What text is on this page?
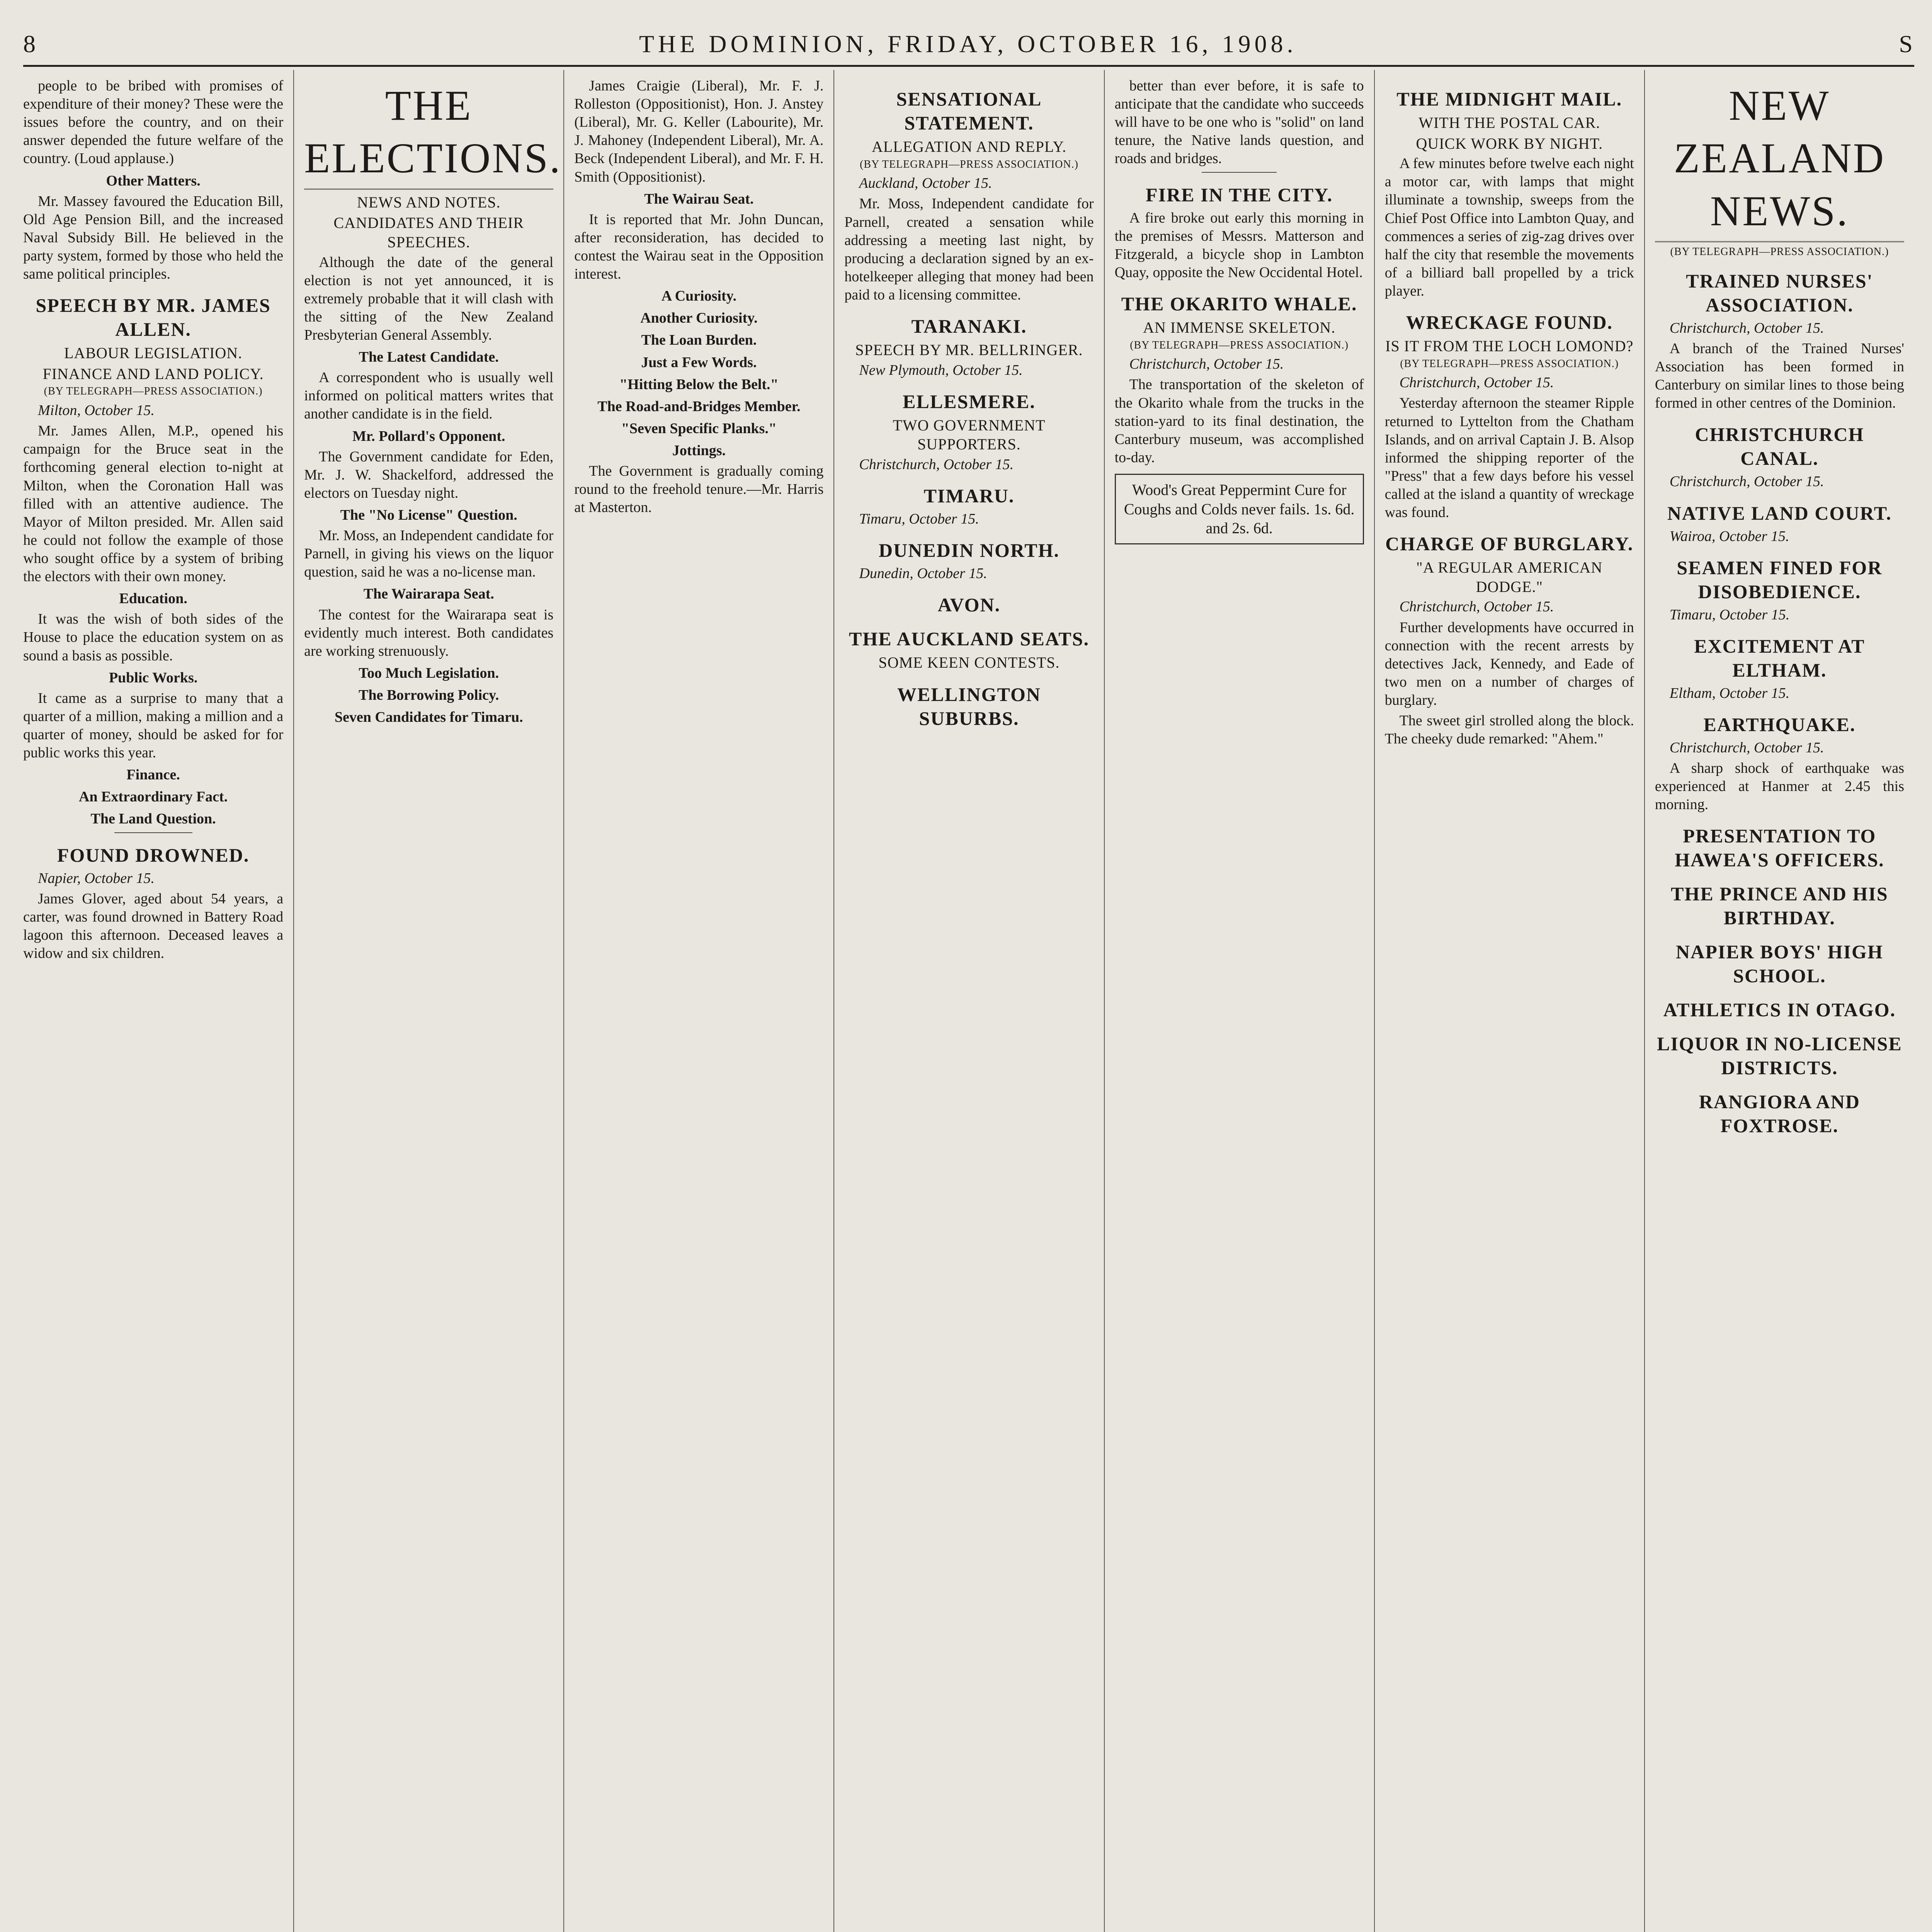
8	THE DOMINION, FRIDAY, OCTOBER 16, 1908.	S

people to be bribed with promises of expenditure of their money? These were the issues before the country, and on their answer depended the future welfare of the country. (Loud applause.)

Other Matters.

Mr. Massey favoured the Education Bill, Old Age Pension Bill, and the increased Naval Subsidy Bill. He believed in the party system, formed by those who held the same political principles.

SPEECH BY MR. JAMES ALLEN.
LABOUR LEGISLATION.
FINANCE AND LAND POLICY.
(BY TELEGRAPH—PRESS ASSOCIATION.)

Milton, October 15.

Mr. James Allen, M.P., opened his campaign for the Bruce seat in the forthcoming general election to-night at Milton, when the Coronation Hall was filled with an attentive audience. The Mayor of Milton presided. Mr. Allen said he could not follow the example of those who sought office by a system of bribing the electors with their own money.

Education.

It was the wish of both sides of the House to place the education system on as sound a basis as possible.

Public Works.

It came as a surprise to many that a quarter of a million, making a million and a quarter of money, should be asked for for public works this year.

Finance.

An Extraordinary Fact.

The Land Question.

FOUND DROWNED.

Napier, October 15.

James Glover, aged about 54 years, a carter, was found drowned in Battery Road lagoon this afternoon. Deceased leaves a widow and six children.

THE ELECTIONS.
NEWS AND NOTES.
CANDIDATES AND THEIR SPEECHES.

Although the date of the general election is not yet announced, it is extremely probable that it will clash with the sitting of the New Zealand Presbyterian General Assembly.

The Latest Candidate.

A correspondent who is usually well informed on political matters writes that another candidate is in the field.

Mr. Pollard's Opponent.

The Government candidate for Eden, Mr. J. W. Shackelford, addressed the electors on Tuesday night.

The "No License" Question.

Mr. Moss, an Independent candidate for Parnell, in giving his views on the liquor question, said he was a no-license man.

The Wairarapa Seat.

The contest for the Wairarapa seat is evidently much interest. Both candidates are working strenuously.

Too Much Legislation.

The Borrowing Policy.

Seven Candidates for Timaru.

James Craigie (Liberal), Mr. F. J. Rolleston (Oppositionist), Hon. J. Anstey (Liberal), Mr. G. Keller (Labourite), Mr. J. Mahoney (Independent Liberal), Mr. A. Beck (Independent Liberal), and Mr. F. H. Smith (Oppositionist).

The Wairau Seat.

It is reported that Mr. John Duncan, after reconsideration, has decided to contest the Wairau seat in the Opposition interest.

A Curiosity.

Another Curiosity.

The Loan Burden.

Just a Few Words.

"Hitting Below the Belt."

The Road-and-Bridges Member.

"Seven Specific Planks."

Jottings.

The Government is gradually coming round to the freehold tenure.—Mr. Harris at Masterton.

SENSATIONAL STATEMENT.
ALLEGATION AND REPLY.
(BY TELEGRAPH—PRESS ASSOCIATION.)

Auckland, October 15.

Mr. Moss, Independent candidate for Parnell, created a sensation while addressing a meeting last night, by producing a declaration signed by an ex-hotelkeeper alleging that money had been paid to a licensing committee.

TARANAKI.
SPEECH BY MR. BELLRINGER.

New Plymouth, October 15.

ELLESMERE.
TWO GOVERNMENT SUPPORTERS.

Christchurch, October 15.

TIMARU.

Timaru, October 15.

DUNEDIN NORTH.

Dunedin, October 15.

AVON.
THE AUCKLAND SEATS.
SOME KEEN CONTESTS.
WELLINGTON SUBURBS.

better than ever before, it is safe to anticipate that the candidate who succeeds will have to be one who is "solid" on land tenure, the Native lands question, and roads and bridges.

FIRE IN THE CITY.

A fire broke out early this morning in the premises of Messrs. Matterson and Fitzgerald, a bicycle shop in Lambton Quay, opposite the New Occidental Hotel.

THE OKARITO WHALE.
AN IMMENSE SKELETON.
(BY TELEGRAPH—PRESS ASSOCIATION.)

Christchurch, October 15.

The transportation of the skeleton of the Okarito whale from the trucks in the station-yard to its final destination, the Canterbury museum, was accomplished to-day.

Wood's Great Peppermint Cure for Coughs and Colds never fails. 1s. 6d. and 2s. 6d.
THE MIDNIGHT MAIL.
WITH THE POSTAL CAR.
QUICK WORK BY NIGHT.

A few minutes before twelve each night a motor car, with lamps that might illuminate a township, sweeps from the Chief Post Office into Lambton Quay, and commences a series of zig-zag drives over half the city that resemble the movements of a billiard ball propelled by a trick player.

WRECKAGE FOUND.
IS IT FROM THE LOCH LOMOND?
(BY TELEGRAPH—PRESS ASSOCIATION.)

Christchurch, October 15.

Yesterday afternoon the steamer Ripple returned to Lyttelton from the Chatham Islands, and on arrival Captain J. B. Alsop informed the shipping reporter of the "Press" that a few days before his vessel called at the island a quantity of wreckage was found.

CHARGE OF BURGLARY.
"A REGULAR AMERICAN DODGE."

Christchurch, October 15.

Further developments have occurred in connection with the recent arrests by detectives Jack, Kennedy, and Eade of two men on a number of charges of burglary.

The sweet girl strolled along the block. The cheeky dude remarked: "Ahem."

NEW ZEALAND NEWS.
(BY TELEGRAPH—PRESS ASSOCIATION.)
TRAINED NURSES' ASSOCIATION.

Christchurch, October 15.

A branch of the Trained Nurses' Association has been formed in Canterbury on similar lines to those being formed in other centres of the Dominion.

CHRISTCHURCH CANAL.

Christchurch, October 15.

NATIVE LAND COURT.

Wairoa, October 15.

SEAMEN FINED FOR DISOBEDIENCE.

Timaru, October 15.

EXCITEMENT AT ELTHAM.

Eltham, October 15.

EARTHQUAKE.

Christchurch, October 15.

A sharp shock of earthquake was experienced at Hanmer at 2.45 this morning.

PRESENTATION TO HAWEA'S OFFICERS.
THE PRINCE AND HIS BIRTHDAY.
NAPIER BOYS' HIGH SCHOOL.
ATHLETICS IN OTAGO.
LIQUOR IN NO-LICENSE DISTRICTS.
RANGIORA AND FOXTROSE.
